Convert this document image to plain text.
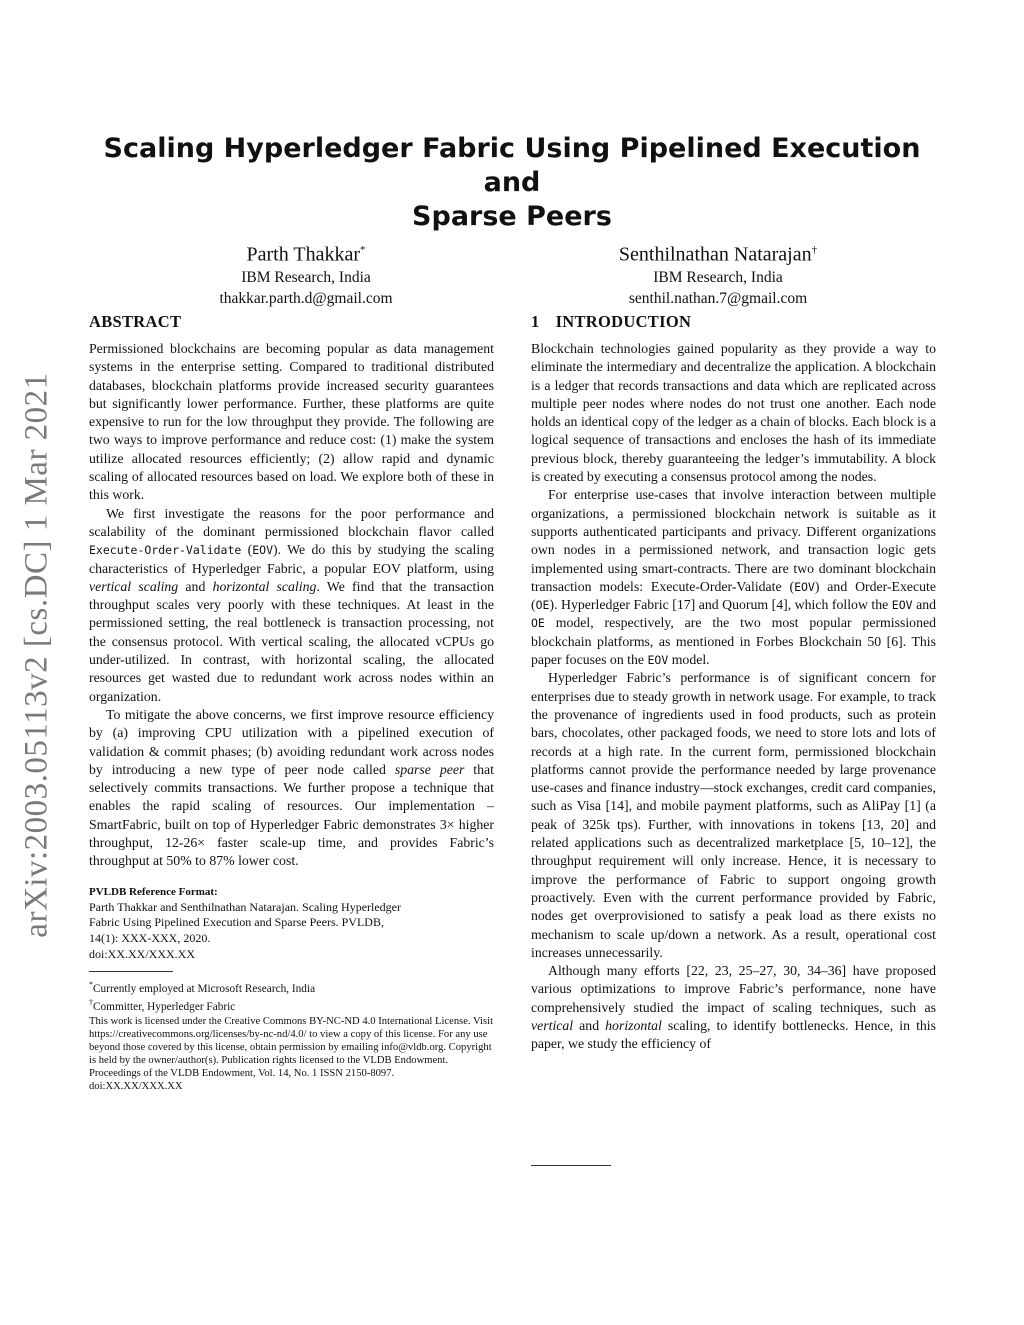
arXiv:2003.05113v2 [cs.DC] 1 Mar 2021
Scaling Hyperledger Fabric Using Pipelined Execution and
Sparse Peers
Parth Thakkar*
IBM Research, India
thakkar.parth.d@gmail.com
Senthilnathan Natarajan†
IBM Research, India
senthil.nathan.7@gmail.com
ABSTRACT

Permissioned blockchains are becoming popular as data management systems in the enterprise setting. Compared to traditional distributed databases, blockchain platforms provide increased security guarantees but significantly lower performance. Further, these platforms are quite expensive to run for the low throughput they provide. The following are two ways to improve performance and reduce cost: (1) make the system utilize allocated resources efficiently; (2) allow rapid and dynamic scaling of allocated resources based on load. We explore both of these in this work.

We first investigate the reasons for the poor performance and scalability of the dominant permissioned blockchain flavor called Execute-Order-Validate (EOV). We do this by studying the scaling characteristics of Hyperledger Fabric, a popular EOV platform, using vertical scaling and horizontal scaling. We find that the transaction throughput scales very poorly with these techniques. At least in the permissioned setting, the real bottleneck is transaction processing, not the consensus protocol. With vertical scaling, the allocated vCPUs go under-utilized. In contrast, with horizontal scaling, the allocated resources get wasted due to redundant work across nodes within an organization.

To mitigate the above concerns, we first improve resource efficiency by (a) improving CPU utilization with a pipelined execution of validation & commit phases; (b) avoiding redundant work across nodes by introducing a new type of peer node called sparse peer that selectively commits transactions. We further propose a technique that enables the rapid scaling of resources. Our implementation – SmartFabric, built on top of Hyperledger Fabric demonstrates 3× higher throughput, 12-26× faster scale-up time, and provides Fabric’s throughput at 50% to 87% lower cost.

PVLDB Reference Format:
Parth Thakkar and Senthilnathan Natarajan. Scaling Hyperledger
Fabric Using Pipelined Execution and Sparse Peers. PVLDB,
14(1): XXX-XXX, 2020.
doi:XX.XX/XXX.XX
*Currently employed at Microsoft Research, India
†Committer, Hyperledger Fabric
This work is licensed under the Creative Commons BY-NC-ND 4.0 International License. Visit https://creativecommons.org/licenses/by-nc-nd/4.0/ to view a copy of this license. For any use beyond those covered by this license, obtain permission by emailing info@vldb.org. Copyright is held by the owner/author(s). Publication rights licensed to the VLDB Endowment.
Proceedings of the VLDB Endowment, Vol. 14, No. 1 ISSN 2150-8097.
doi:XX.XX/XXX.XX
1 INTRODUCTION

Blockchain technologies gained popularity as they provide a way to eliminate the intermediary and decentralize the application. A blockchain is a ledger that records transactions and data which are replicated across multiple peer nodes where nodes do not trust one another. Each node holds an identical copy of the ledger as a chain of blocks. Each block is a logical sequence of transactions and encloses the hash of its immediate previous block, thereby guaranteeing the ledger’s immutability. A block is created by executing a consensus protocol among the nodes.

For enterprise use-cases that involve interaction between multiple organizations, a permissioned blockchain network is suitable as it supports authenticated participants and privacy. Different organizations own nodes in a permissioned network, and transaction logic gets implemented using smart-contracts. There are two dominant blockchain transaction models: Execute-Order-Validate (EOV) and Order-Execute (OE). Hyperledger Fabric [17] and Quorum [4], which follow the EOV and OE model, respectively, are the two most popular permissioned blockchain platforms, as mentioned in Forbes Blockchain 50 [6]. This paper focuses on the EOV model.

Hyperledger Fabric’s performance is of significant concern for enterprises due to steady growth in network usage. For example, to track the provenance of ingredients used in food products, such as protein bars, chocolates, other packaged foods, we need to store lots and lots of records at a high rate. In the current form, permissioned blockchain platforms cannot provide the performance needed by large provenance use-cases and finance industry—stock exchanges, credit card companies, such as Visa [14], and mobile payment platforms, such as AliPay [1] (a peak of 325k tps). Further, with innovations in tokens [13, 20] and related applications such as decentralized marketplace [5, 10–12], the throughput requirement will only increase. Hence, it is necessary to improve the performance of Fabric to support ongoing growth proactively. Even with the current performance provided by Fabric, nodes get overprovisioned to satisfy a peak load as there exists no mechanism to scale up/down a network. As a result, operational cost increases unnecessarily.

Although many efforts [22, 23, 25–27, 30, 34–36] have proposed various optimizations to improve Fabric’s performance, none have comprehensively studied the impact of scaling techniques, such as vertical and horizontal scaling, to identify bottlenecks. Hence, in this paper, we study the efficiency of
